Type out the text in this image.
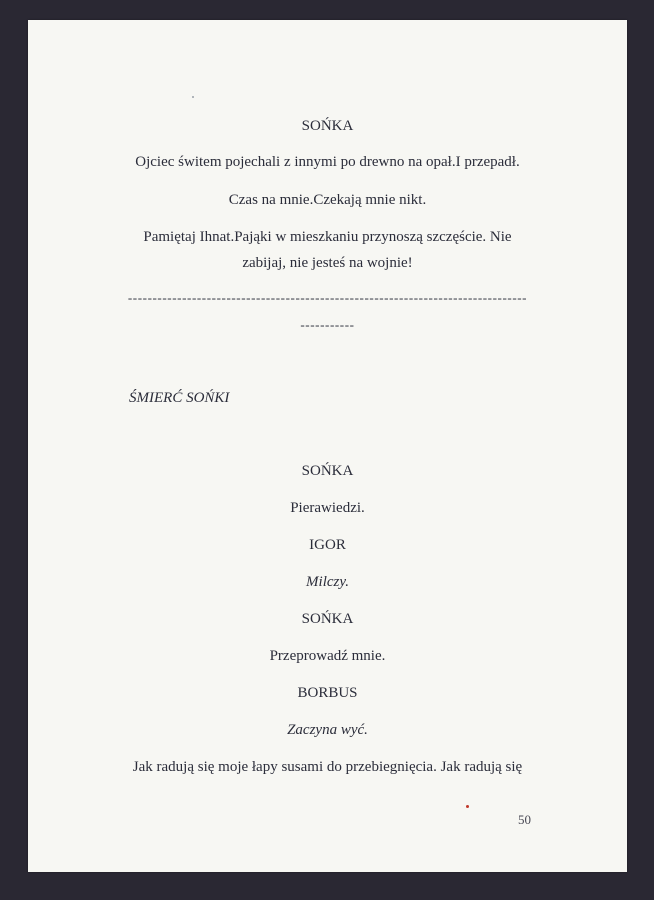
SOŃKA
Ojciec świtem pojechali z innymi po drewno na opał.I przepadł.
Czas na mnie.Czekają mnie nikt.
Pamiętaj Ihnat.Pająki w mieszkaniu przynoszą szczęście. Nie
zabijaj, nie jesteś na wojnie!
---------------------------------------------------------------------------------
-----------
ŚMIERĆ SOŃKI
SOŃKA
Pierawiedzi.
IGOR
Milczy.
SOŃKA
Przeprowadź mnie.
BORBUS
Zaczyna wyć.
Jak radują się moje łapy susami do przebiegnięcia. Jak radują się
50
